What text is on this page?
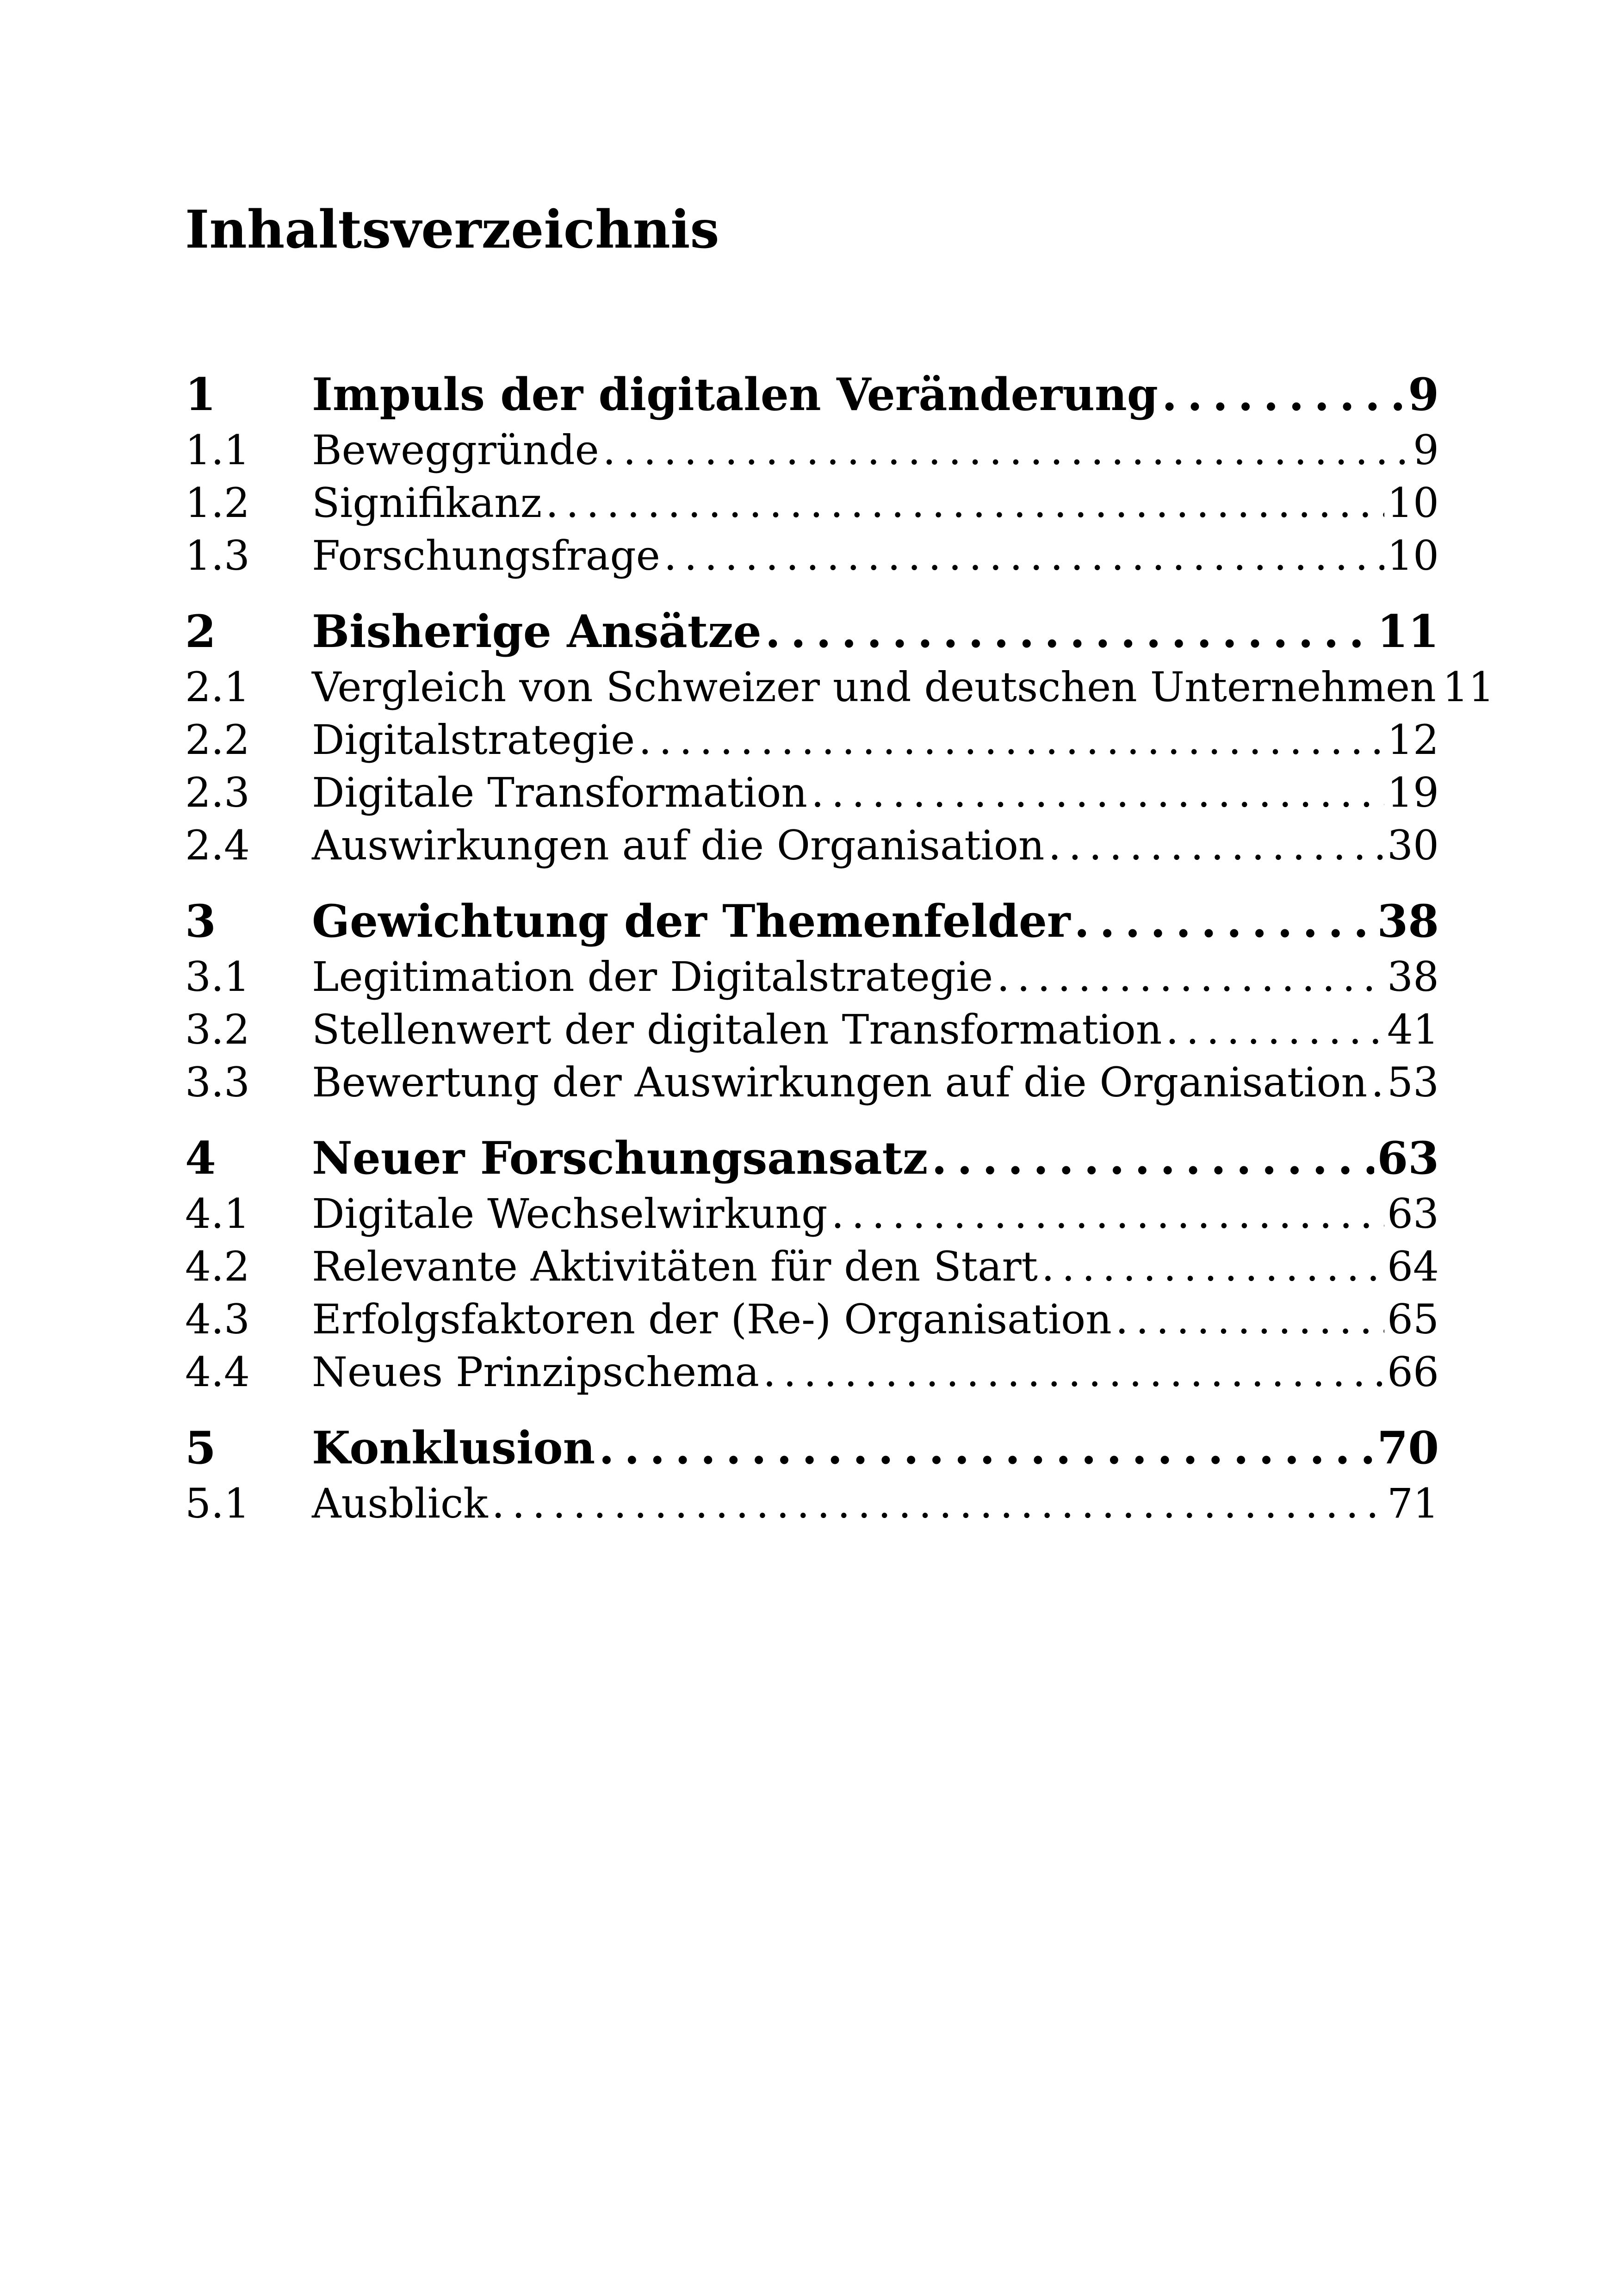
Inhaltsverzeichnis
1	Impuls der digitalen Veränderung . . .	9
1.1	Beweggründe . . .	9
1.2	Signifikanz . . .	10
1.3	Forschungsfrage . . .	10
2	Bisherige Ansätze . . .	11
2.1	Vergleich von Schweizer und deutschen Unternehmen 11
2.2	Digitalstrategie . . .	12
2.3	Digitale Transformation . . .	19
2.4	Auswirkungen auf die Organisation . . .	30
3	Gewichtung der Themenfelder . . .	38
3.1	Legitimation der Digitalstrategie . . .	38
3.2	Stellenwert der digitalen Transformation . . .	41
3.3	Bewertung der Auswirkungen auf die Organisation . . . 53
4	Neuer Forschungsansatz . . .	63
4.1	Digitale Wechselwirkung . . .	63
4.2	Relevante Aktivitäten für den Start . . .	64
4.3	Erfolgsfaktoren der (Re-) Organisation . . .	65
4.4	Neues Prinzipschema . . .	66
5	Konklusion . . .	70
5.1	Ausblick . . .	71
